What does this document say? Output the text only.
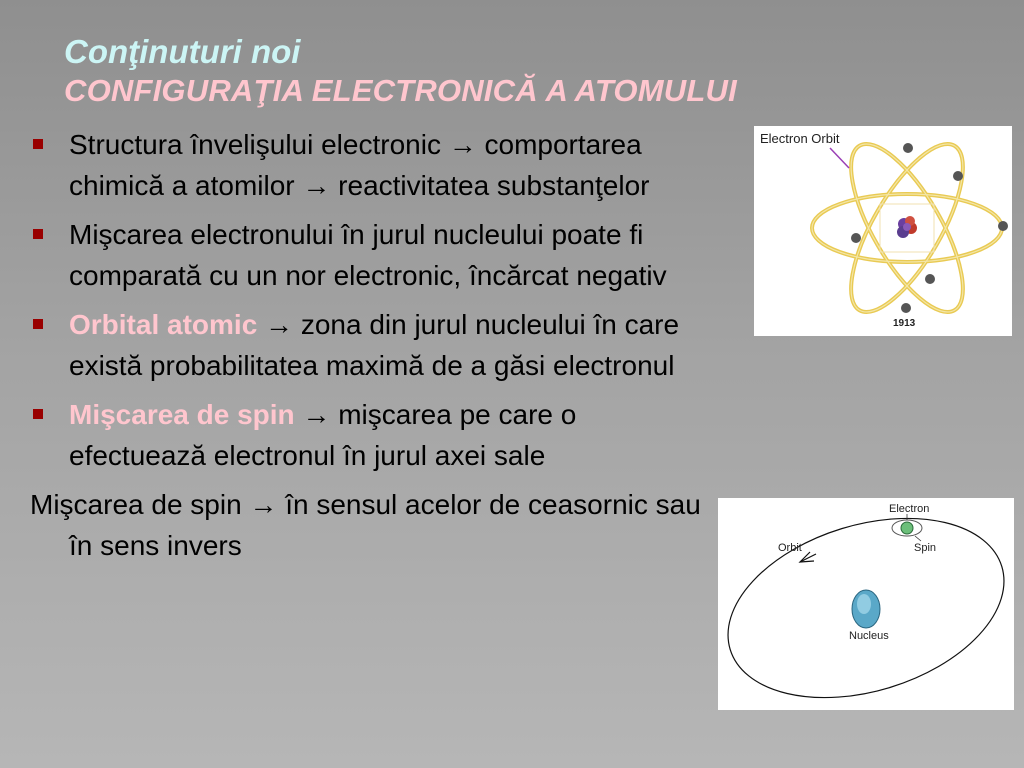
Conţinuturi noi
CONFIGURAŢIA ELECTRONICĂ A ATOMULUI
Structura învelişului electronic → comportarea chimică a atomilor → reactivitatea substanţelor
Mişcarea electronului în jurul nucleului poate fi comparată cu un nor electronic, încărcat negativ
Orbital atomic → zona din jurul nucleului în care există probabilitatea maximă de a găsi electronul
Mişcarea de spin → mişcarea pe care o efectuează electronul în jurul axei sale
Mişcarea de spin → în sensul acelor de ceasornic sau în sens invers
Electron Orbit
1913
Electron
Orbit	Spin
Nucleus
